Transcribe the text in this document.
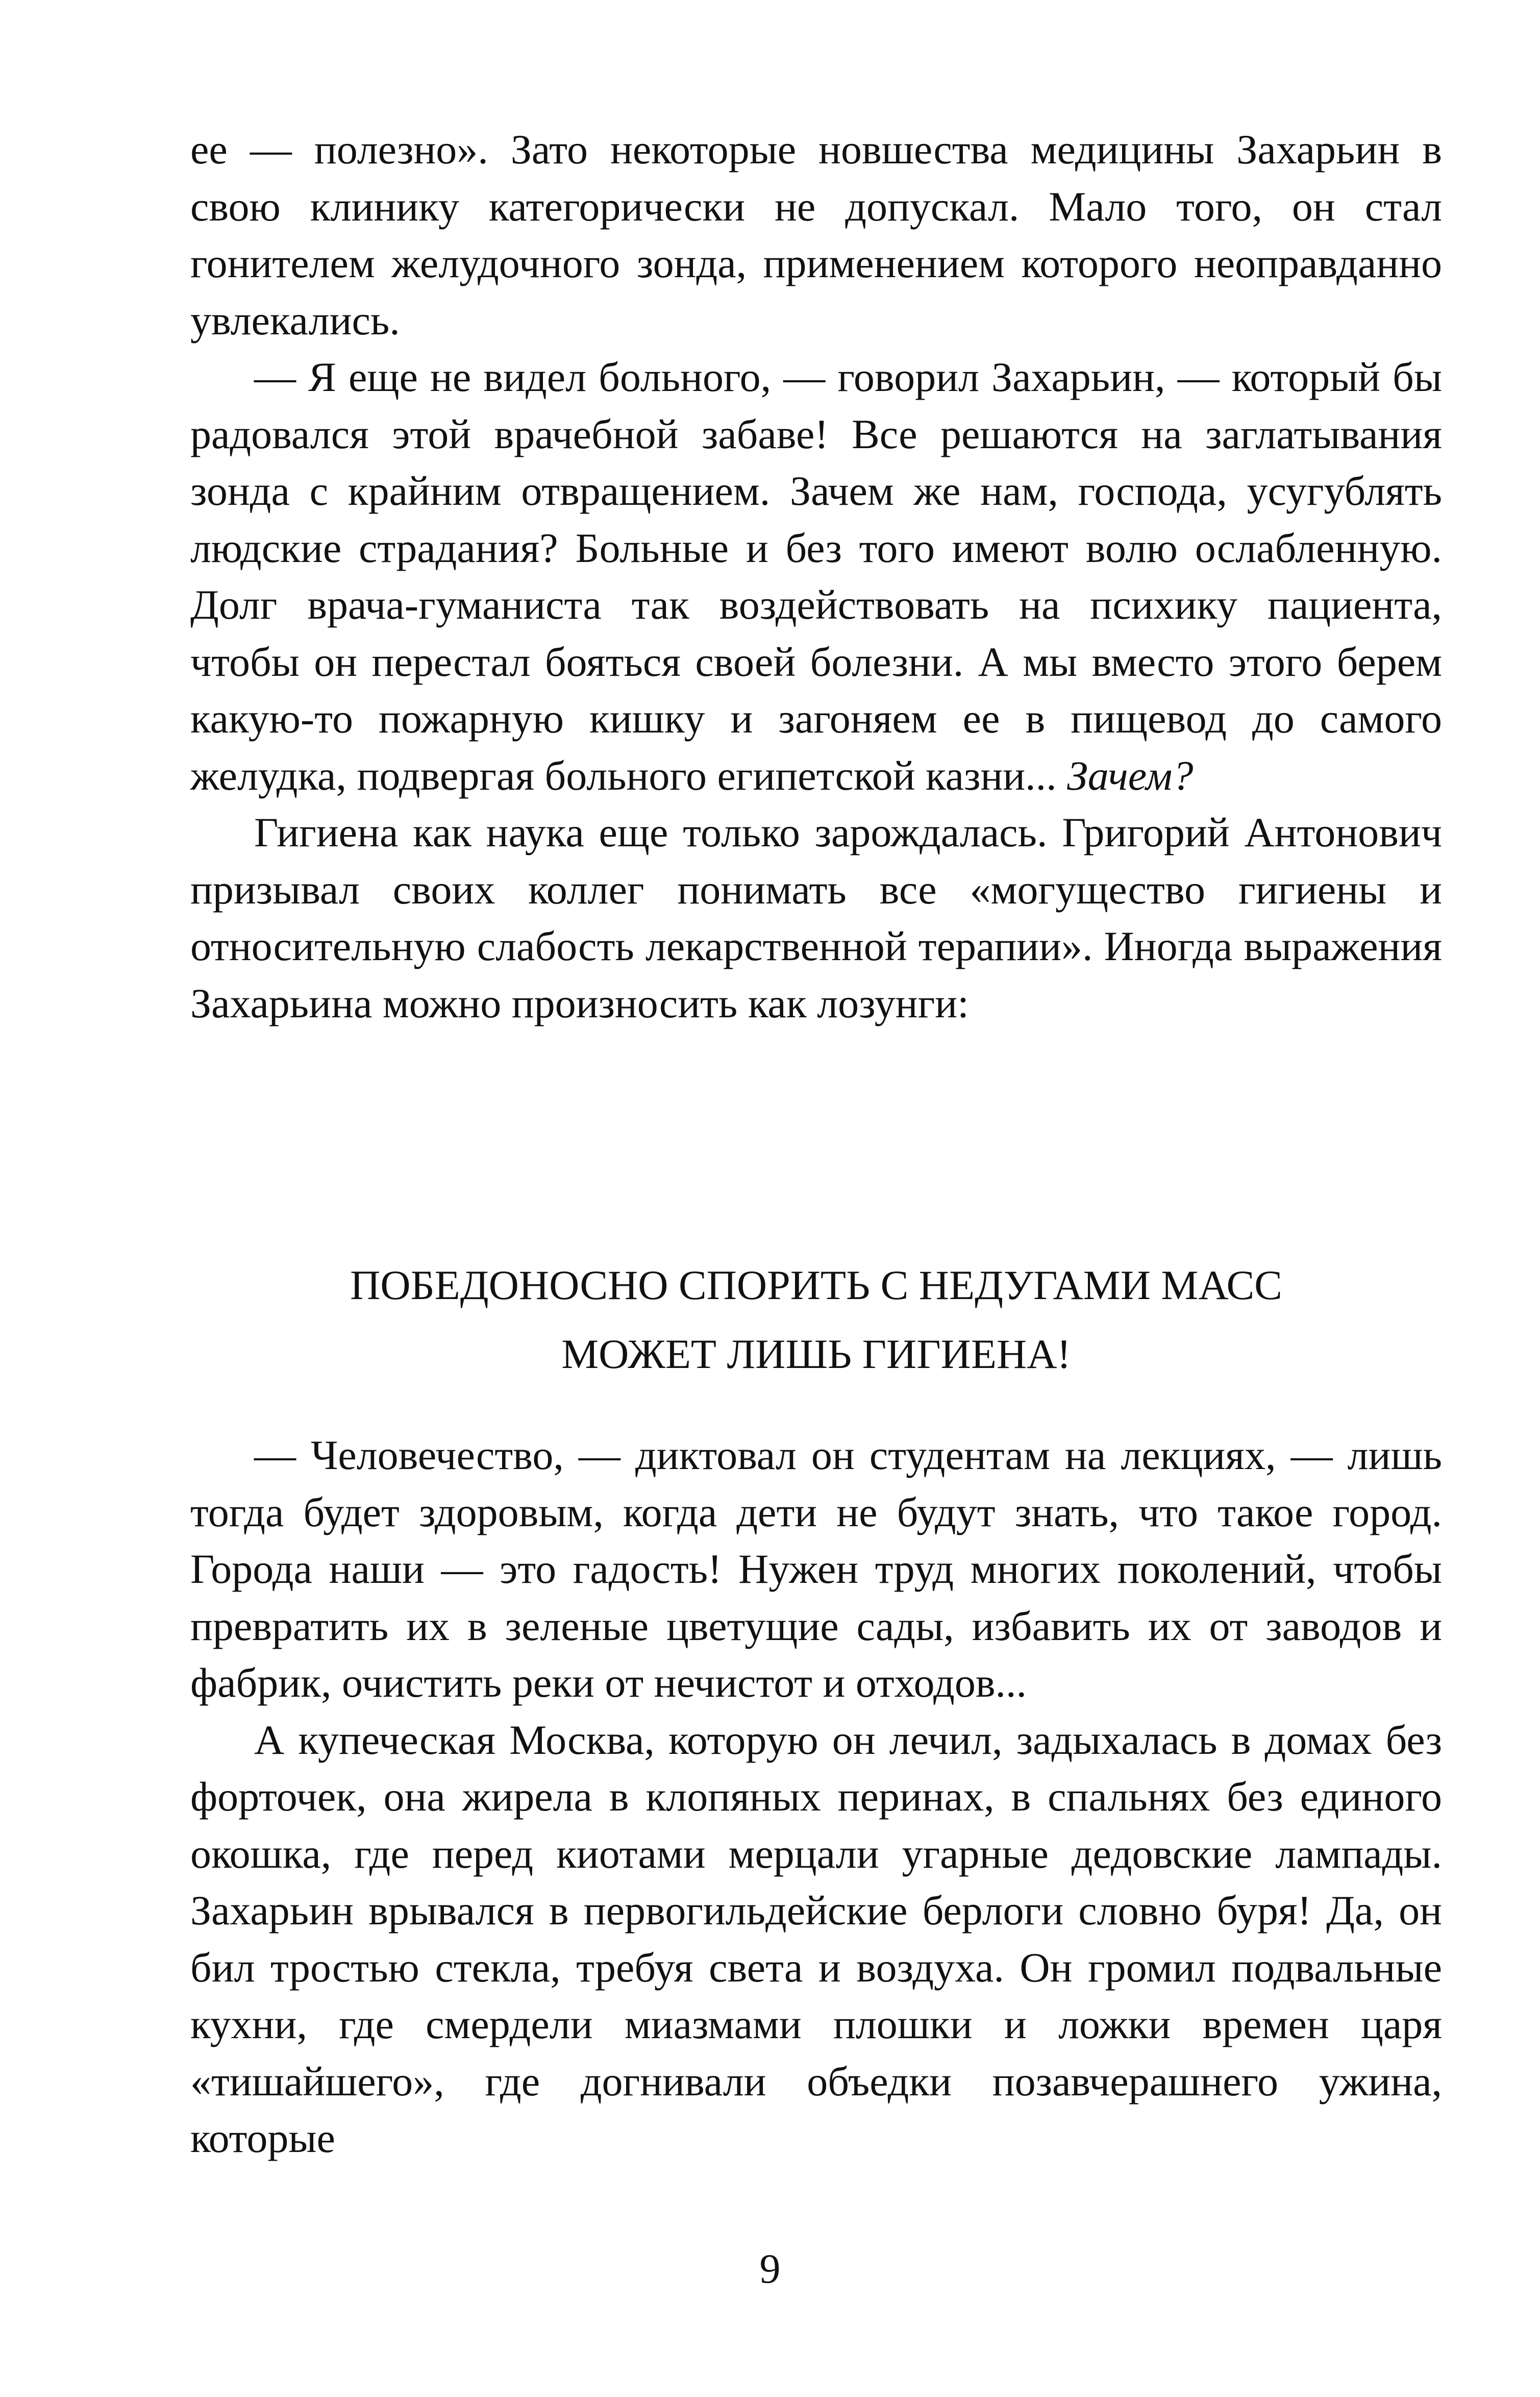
ее — полезно». Зато некоторые новшества медицины Захарьин в свою клинику категорически не допускал. Мало того, он стал гонителем желудочного зонда, применением которого неоправданно увлекались.

— Я еще не видел больного, — говорил Захарьин, — который бы радовался этой врачебной забаве! Все решаются на заглатывания зонда с крайним отвращением. Зачем же нам, господа, усугублять людские страдания? Больные и без того имеют волю ослабленную. Долг врача-гуманиста так воздействовать на психику пациента, чтобы он перестал бояться своей болезни. А мы вместо этого берем какую-то пожарную кишку и загоняем ее в пищевод до самого желудка, подвергая больного египетской казни... Зачем?

Гигиена как наука еще только зарождалась. Григорий Антонович призывал своих коллег понимать все «могущество гигиены и относительную слабость лекарственной терапии». Иногда выражения Захарьина можно произносить как лозунги:

ПОБЕДОНОСНО СПОРИТЬ С НЕДУГАМИ МАСС
МОЖЕТ ЛИШЬ ГИГИЕНА!

— Человечество, — диктовал он студентам на лекциях, — лишь тогда будет здоровым, когда дети не будут знать, что такое город. Города наши — это гадость! Нужен труд многих поколений, чтобы превратить их в зеленые цветущие сады, избавить их от заводов и фабрик, очистить реки от нечистот и отходов...

А купеческая Москва, которую он лечил, задыхалась в домах без форточек, она жирела в клопяных перинах, в спальнях без единого окошка, где перед киотами мерцали угарные дедовские лампады. Захарьин врывался в первогильдейские берлоги словно буря! Да, он бил тростью стекла, требуя света и воздуха. Он громил подвальные кухни, где смердели миазмами плошки и ложки времен царя «тишайшего», где догнивали объедки позавчерашнего ужина, которые

9
